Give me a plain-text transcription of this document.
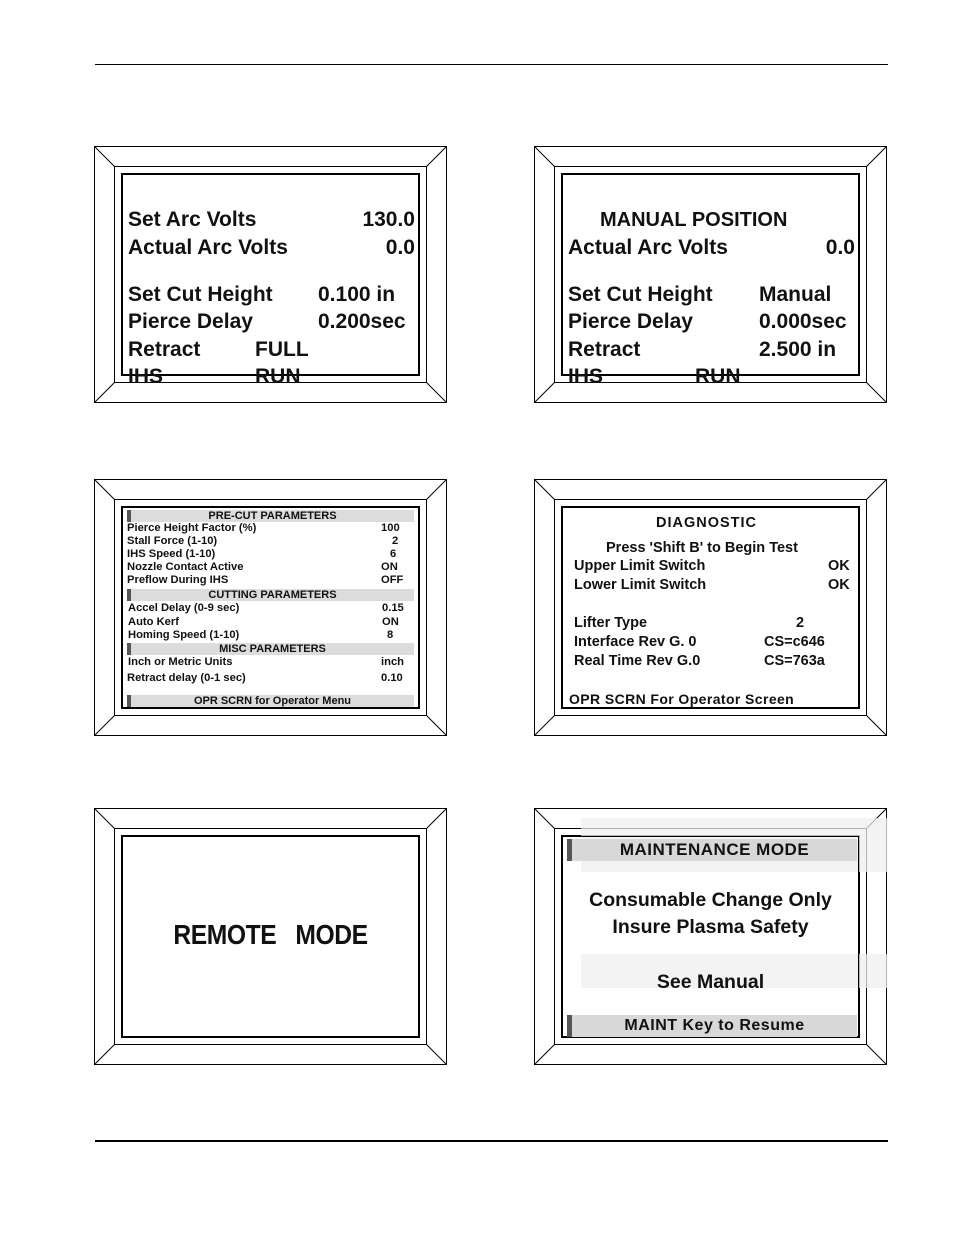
Set Arc Volts	130.0
Actual Arc Volts	0.0
Set Cut Height 0.100 in
Pierce Delay	0.200sec
Retract	FULL
IHS	RUN
MANUAL POSITION
Actual Arc Volts	0.0
Set Cut Height Manual
Pierce Delay	0.000sec
Retract	2.500 in
IHS	RUN
PRE-CUT PARAMETERS
Pierce Height Factor (%)	100
Stall Force (1-10)	2
IHS Speed (1-10)	6
Nozzle Contact Active	ON
Preflow During IHS	OFF
CUTTING PARAMETERS
Accel Delay (0-9 sec)	0.15
Auto Kerf	ON
Homing Speed (1-10)	8
MISC PARAMETERS
Inch or Metric Units	inch
Retract delay (0-1 sec)	0.10
OPR SCRN for Operator Menu
DIAGNOSTIC
Press 'Shift B' to Begin Test
Upper Limit Switch	OK
Lower Limit Switch	OK
Lifter Type	2
Interface Rev G. 0	CS=c646
Real Time Rev G.0	CS=763a
OPR SCRN For Operator Screen
REMOTE   MODE
MAINTENANCE MODE
Consumable Change Only
Insure Plasma Safety
See Manual
MAINT Key to Resume
